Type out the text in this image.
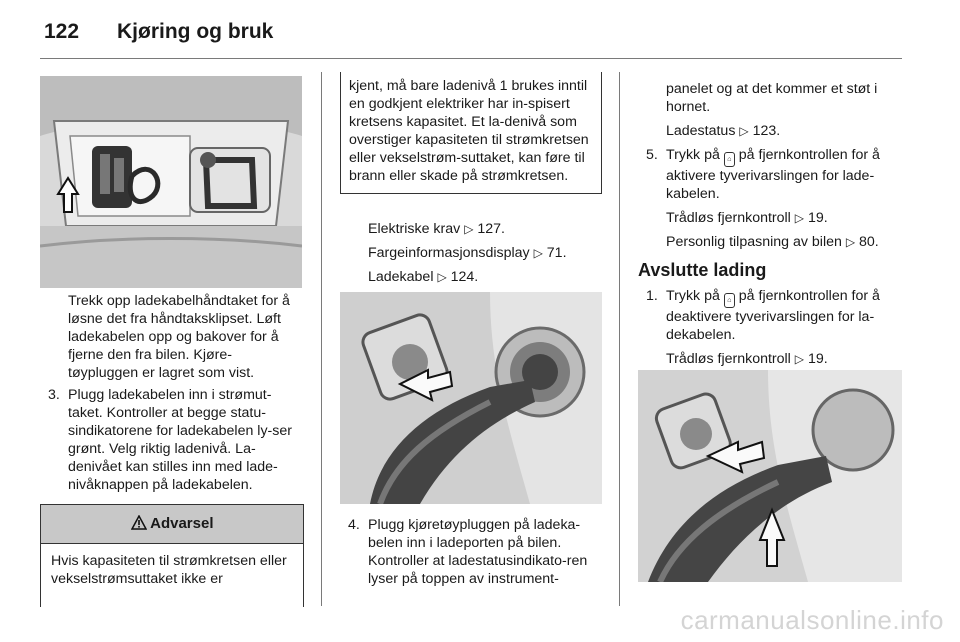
122 Kjøring og bruk

Trekk opp ladekabelhåndtaket for å løsne det fra håndtaksklipset. Løft ladekabelen opp og bakover for å fjerne den fra bilen. Kjøre-tøypluggen er lagret som vist.

3. Plugg ladekabelen inn i strømut-taket. Kontroller at begge statu-sindikatorene for ladekabelen ly-ser grønt. Velg riktig ladenivå. La-denivået kan stilles inn med lade-nivåknappen på ladekabelen.

Advarsel
Hvis kapasiteten til strømkretsen eller vekselstrømsuttaket ikke er
kjent, må bare ladenivå 1 brukes inntil en godkjent elektriker har in-spisert kretsens kapasitet. Et la-denivå som overstiger kapasiteten til strømkretsen eller vekselstrøm-suttaket, kan føre til brann eller skade på strømkretsen.

Elektriske krav ▷ 127.

Fargeinformasjonsdisplay ▷ 71.

Ladekabel ▷ 124.

4. Plugg kjøretøypluggen på ladeka-belen inn i ladeporten på bilen. Kontroller at ladestatusindikato-ren lyser på toppen av instrument-

panelet og at det kommer et støt i hornet.

Ladestatus ▷ 123.

5. Trykk på ⌂ på fjernkontrollen for å aktivere tyverivarslingen for lade-kabelen.

Trådløs fjernkontroll ▷ 19.

Personlig tilpasning av bilen ▷ 80.

Avslutte lading

1. Trykk på ⌂ på fjernkontrollen for å deaktivere tyverivarslingen for la-dekabelen.

Trådløs fjernkontroll ▷ 19.

carmanualsonline.info
